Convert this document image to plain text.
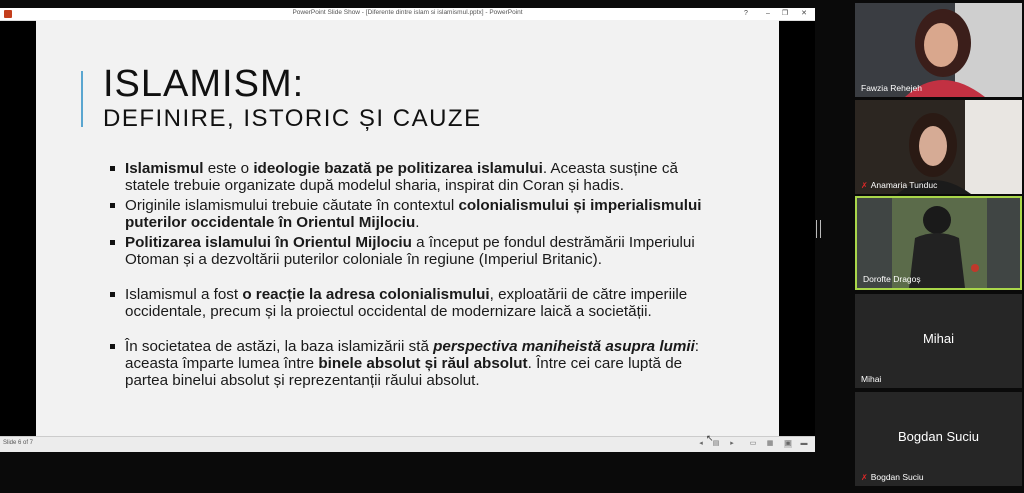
PowerPoint Slide Show - [Diferente dintre islam si islamismul.pptx] - PowerPoint	?	–	❐	✕
ISLAMISM:
DEFINIRE, ISTORIC ȘI CAUZE
Islamismul este o ideologie bazată pe politizarea islamului. Aceasta susține că statele trebuie organizate după modelul sharia, inspirat din Coran și hadis.
Originile islamismului trebuie căutate în contextul colonialismului și imperialismului puterilor occidentale în Orientul Mijlociu.
Politizarea islamului în Orientul Mijlociu a început pe fondul destrămării Imperiului Otoman și a dezvoltării puterilor coloniale în regiune (Imperiul Britanic).
Islamismul a fost o reacție la adresa colonialismului, exploatării de către imperiile occidentale, precum și la proiectul occidental de modernizare laică a societății.
În societatea de astăzi, la baza islamizării stă perspectiva maniheistă asupra lumii: aceasta împarte lumea între binele absolut și răul absolut. Între cei care luptă de partea binelui absolut și reprezentanții răului absolut.
Slide 6 of 7	◂	▤	▸	▭ ▦ ▣ ▬
↖
Fawzia Rehejeh
✗ Anamaria Tunduc
Dorofte Dragoș
Mihai
Mihai
Bogdan Suciu
✗ Bogdan Suciu
